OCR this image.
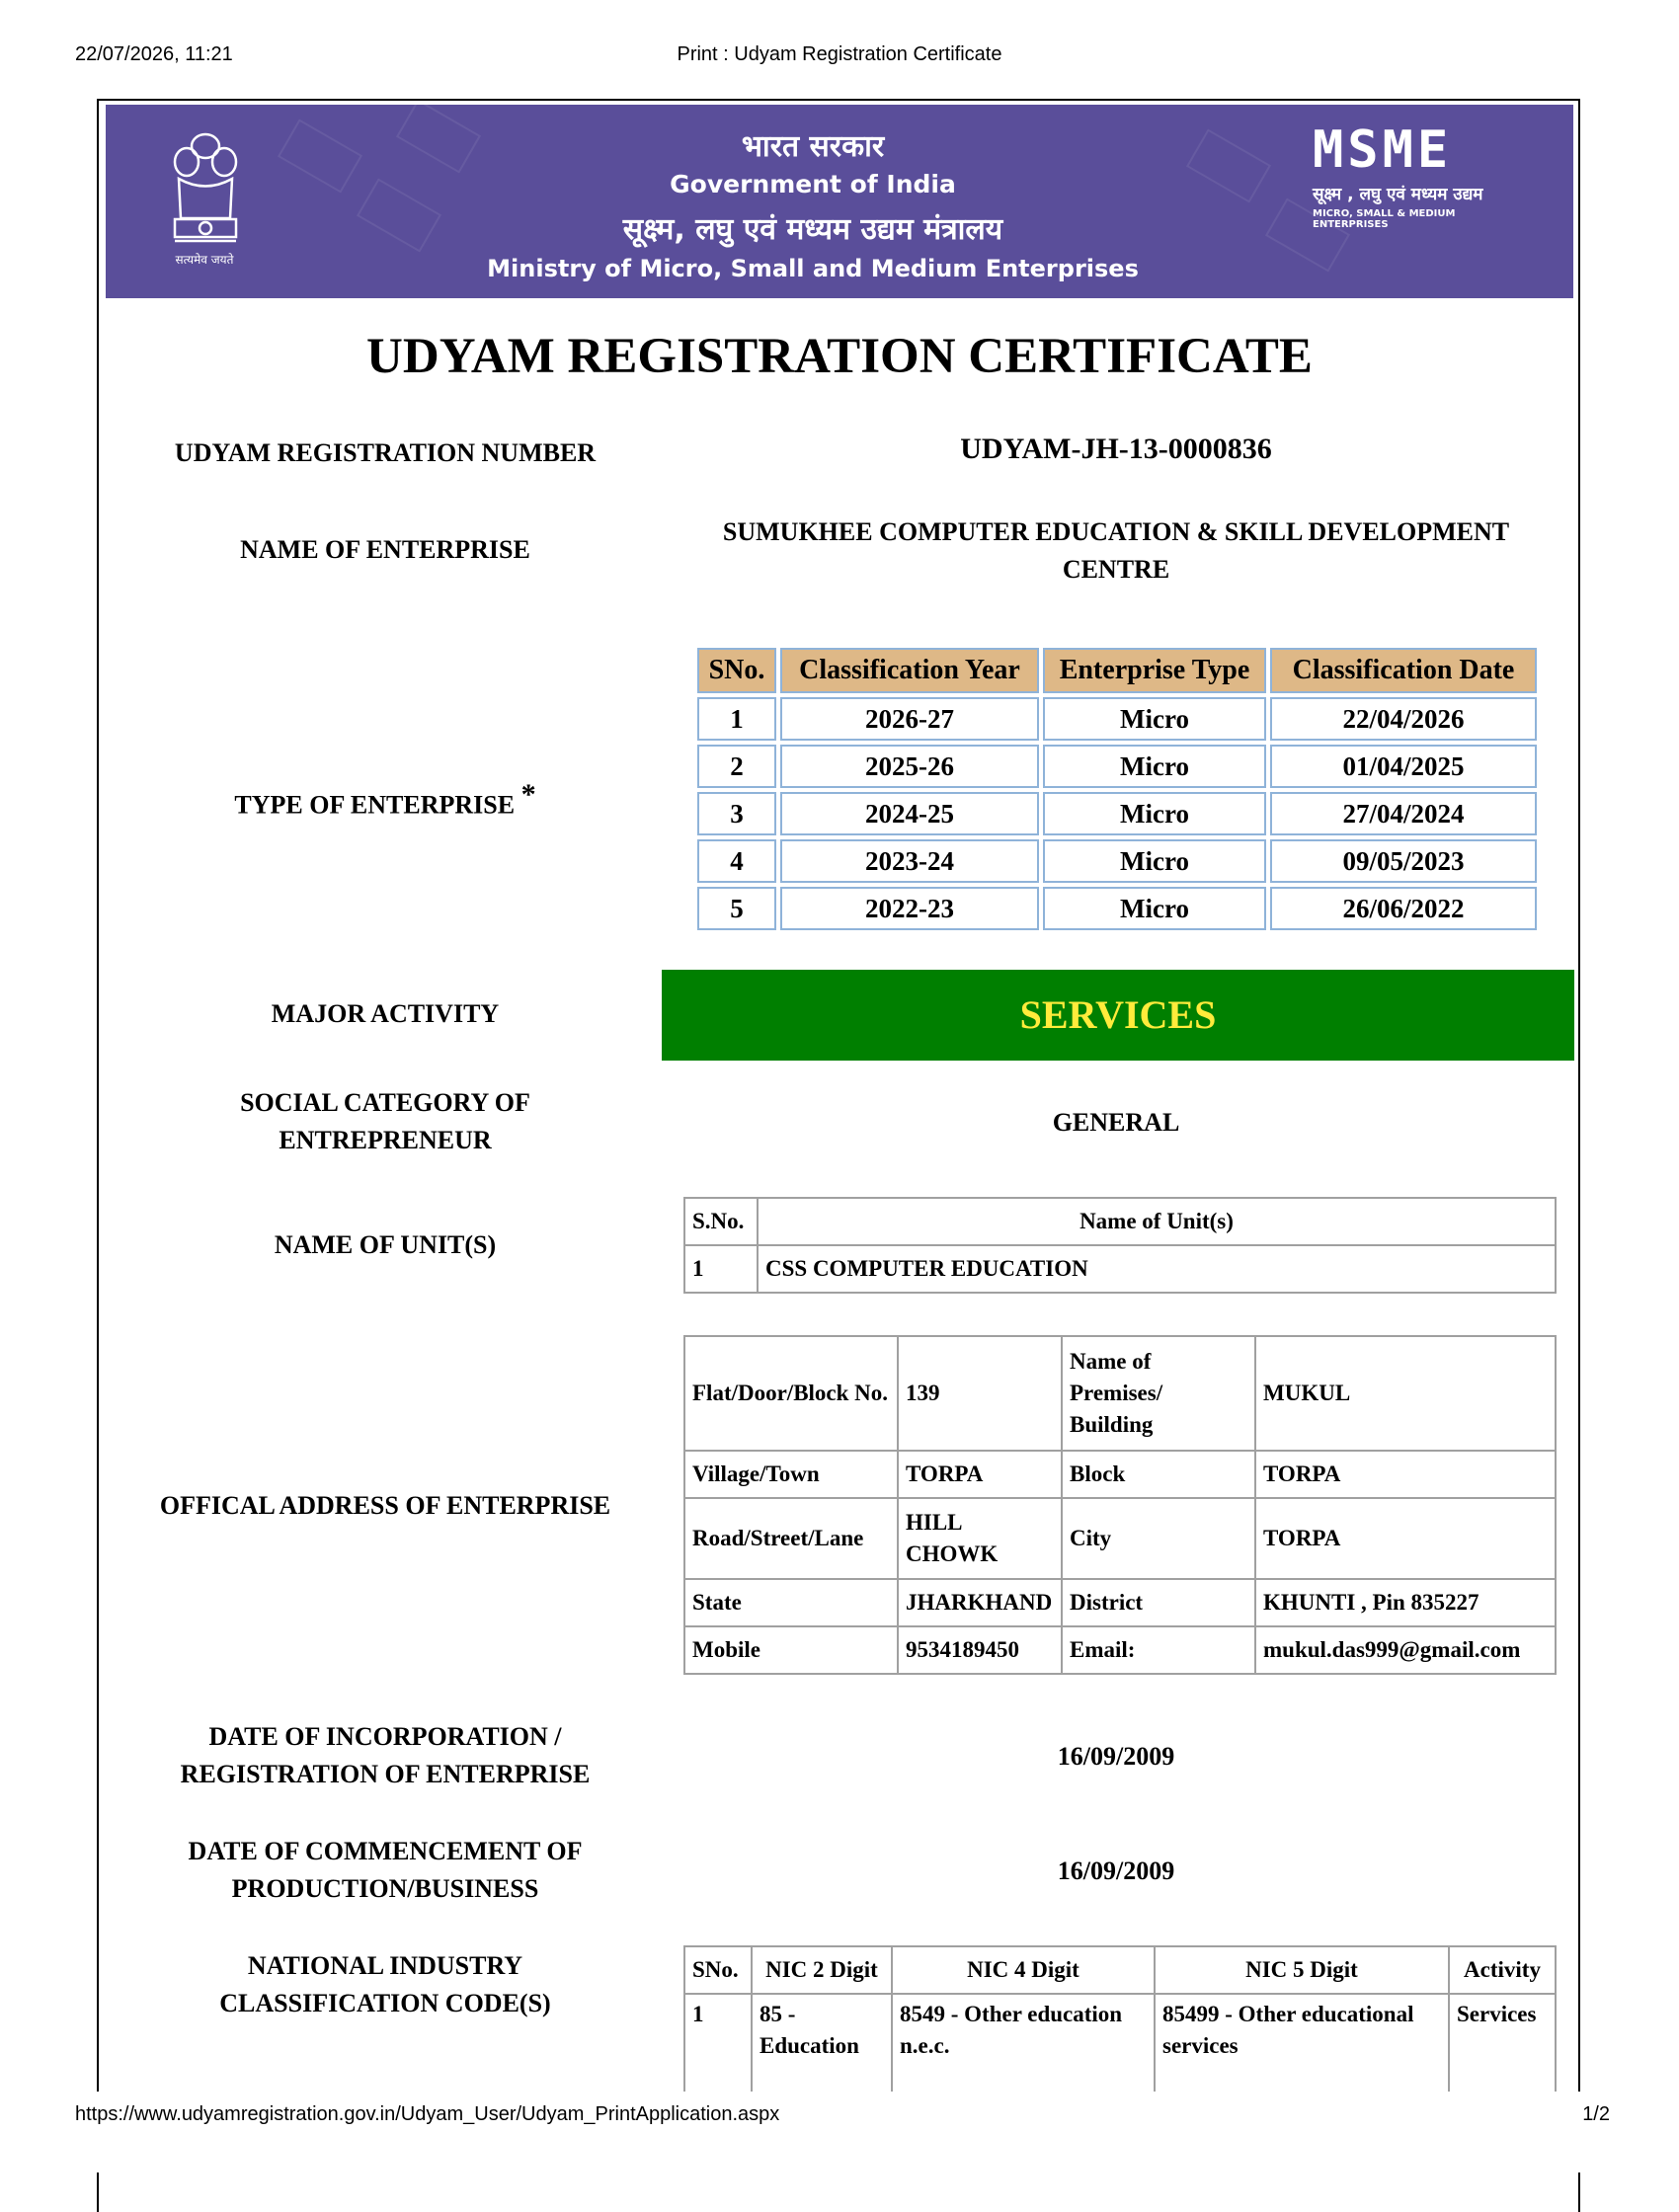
22/07/2026, 11:21	Print : Udyam Registration Certificate
सत्यमेव जयते
भारत सरकार
Government of India
सूक्ष्म, लघु एवं मध्यम उद्यम मंत्रालय
Ministry of Micro, Small and Medium Enterprises
MSME
सूक्ष्म , लघु एवं मध्यम उद्यम
MICRO, SMALL & MEDIUM ENTERPRISES
UDYAM REGISTRATION CERTIFICATE
UDYAM REGISTRATION NUMBER	UDYAM-JH-13-0000836
NAME OF ENTERPRISE
SUMUKHEE COMPUTER EDUCATION & SKILL DEVELOPMENT CENTRE
TYPE OF ENTERPRISE *
SNo.	Classification Year	Enterprise Type	Classification Date
1	2026-27	Micro	22/04/2026
2	2025-26	Micro	01/04/2025
3	2024-25	Micro	27/04/2024
4	2023-24	Micro	09/05/2023
5	2022-23	Micro	26/06/2022
MAJOR ACTIVITY	SERVICES
SOCIAL CATEGORY OF
ENTREPRENEUR
GENERAL
NAME OF UNIT(S)
S.No.	Name of Unit(s)
1	CSS COMPUTER EDUCATION
OFFICAL ADDRESS OF ENTERPRISE
Flat/Door/Block No.	139	Name of Premises/ Building	MUKUL
Village/Town	TORPA	Block	TORPA
Road/Street/Lane	HILL CHOWK	City	TORPA
State	JHARKHAND	District	KHUNTI , Pin 835227
Mobile	9534189450	Email:	mukul.das999@gmail.com
DATE OF INCORPORATION /
REGISTRATION OF ENTERPRISE
16/09/2009
DATE OF COMMENCEMENT OF
PRODUCTION/BUSINESS
16/09/2009
NATIONAL INDUSTRY
CLASSIFICATION CODE(S)
SNo.	NIC 2 Digit	NIC 4 Digit	NIC 5 Digit	Activity
1	85 - Education	8549 - Other education n.e.c.	85499 - Other educational services	Services
https://www.udyamregistration.gov.in/Udyam_User/Udyam_PrintApplication.aspx	1/2
